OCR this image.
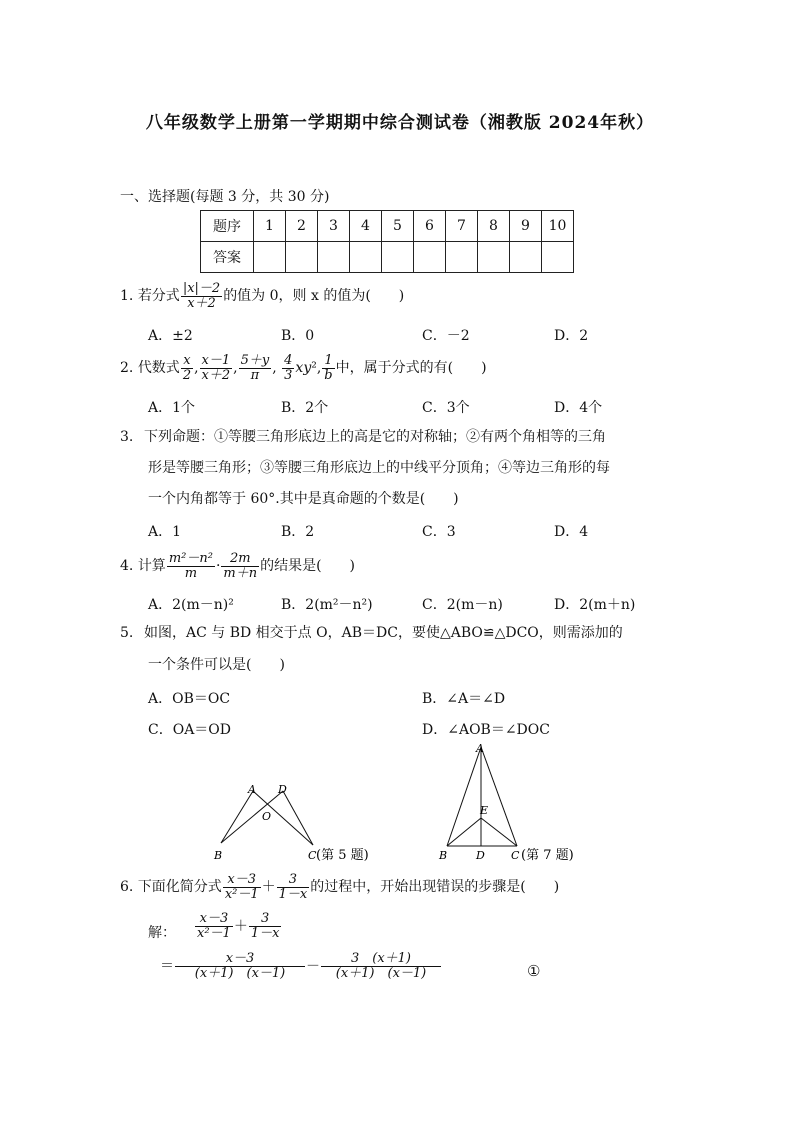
八年级数学上册第一学期期中综合测试卷（湘教版 2024年秋）
一、选择题(每题 3 分，共 30 分)
题序	1	2	3	4	5	6	7	8	9	10
答案										
1. 若分式 $\frac{|x|-2}{x+2}$ 的值为 0，则 x 的值为(　　)
A．±2	B．0	C．－2	D．2
2. 代数式 $\frac{x}{2}$ , $\frac{x-1}{x+2}$ , $\frac{5+y}{\pi}$ , $\frac{4}{3} xy^2$, $\frac{1}{b}$ 中，属于分式的有(　　)
A．1个	B．2个	C．3个	D．4个
3. 下列命题：①等腰三角形底边上的高是它的对称轴；②有两个角相等的三角
形是等腰三角形；③等腰三角形底边上的中线平分顶角；④等边三角形的每
一个内角都等于 60°.其中是真命题的个数是(　　)
A．1	B．2	C．3	D．4
4. 计算 $\frac{\text{m²－n²}}{m} \cdot \frac{2m}{m+n}$ 的结果是(　　)
A．2(m－n)²	B．2(m²－n²)	C．2(m－n)	D．2(m＋n)
5. 如图，AC 与 BD 相交于点 O，AB＝DC，要使△ABO≌△DCO，则需添加的
一个条件可以是(　　)
A．OB＝OC	B．∠A＝∠D
C．OA＝OD	D．∠AOB＝∠DOC
A D
O
B	C (第 5 题)
A
E
B	D C (第 7 题)
6. 下面化简分式 $\frac{x-3}{\text{x²－1}} + \frac{3}{1-x}$ 的过程中，开始出现错误的步骤是(　　)
解： $\frac{x-3}{\text{x²－1}} + \frac{3}{1-x}$
＝ $\frac{x-3}{(x+1) (x-1)} - \frac{3 (x+1)}{(x+1) (x-1)}$	①
